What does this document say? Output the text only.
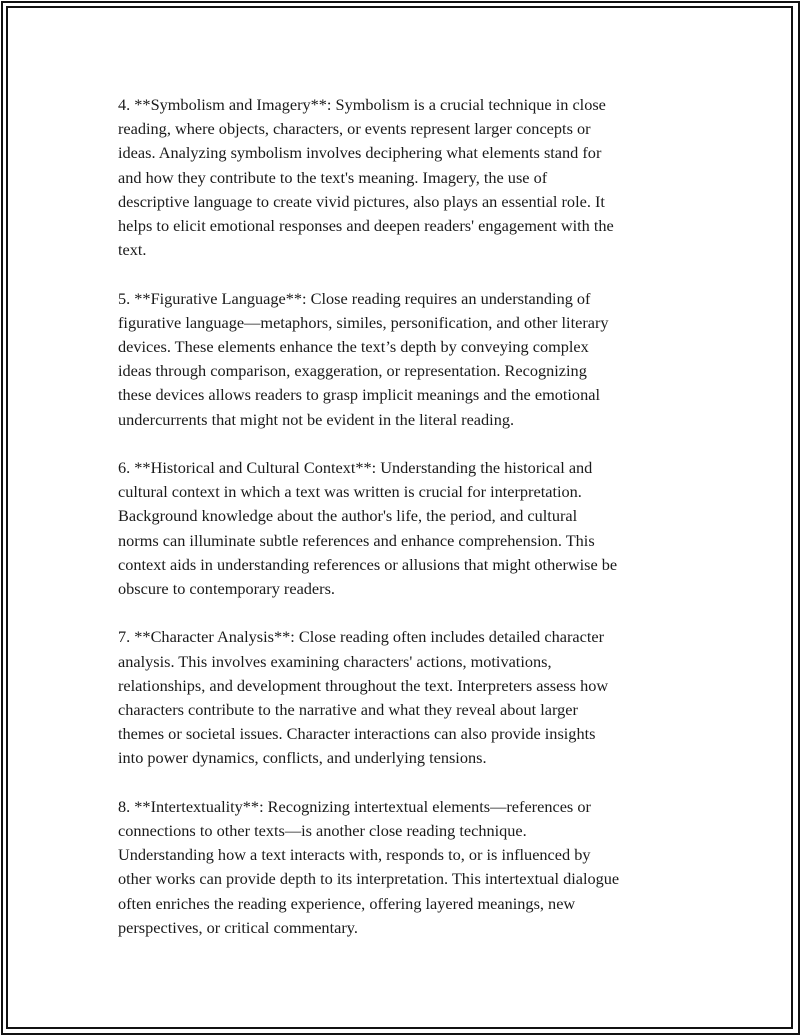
4. **Symbolism and Imagery**: Symbolism is a crucial technique in close
reading, where objects, characters, or events represent larger concepts or
ideas. Analyzing symbolism involves deciphering what elements stand for
and how they contribute to the text's meaning. Imagery, the use of
descriptive language to create vivid pictures, also plays an essential role. It
helps to elicit emotional responses and deepen readers' engagement with the
text.

5. **Figurative Language**: Close reading requires an understanding of
figurative language—metaphors, similes, personification, and other literary
devices. These elements enhance the text’s depth by conveying complex
ideas through comparison, exaggeration, or representation. Recognizing
these devices allows readers to grasp implicit meanings and the emotional
undercurrents that might not be evident in the literal reading.

6. **Historical and Cultural Context**: Understanding the historical and
cultural context in which a text was written is crucial for interpretation.
Background knowledge about the author's life, the period, and cultural
norms can illuminate subtle references and enhance comprehension. This
context aids in understanding references or allusions that might otherwise be
obscure to contemporary readers.

7. **Character Analysis**: Close reading often includes detailed character
analysis. This involves examining characters' actions, motivations,
relationships, and development throughout the text. Interpreters assess how
characters contribute to the narrative and what they reveal about larger
themes or societal issues. Character interactions can also provide insights
into power dynamics, conflicts, and underlying tensions.

8. **Intertextuality**: Recognizing intertextual elements—references or
connections to other texts—is another close reading technique.
Understanding how a text interacts with, responds to, or is influenced by
other works can provide depth to its interpretation. This intertextual dialogue
often enriches the reading experience, offering layered meanings, new
perspectives, or critical commentary.
